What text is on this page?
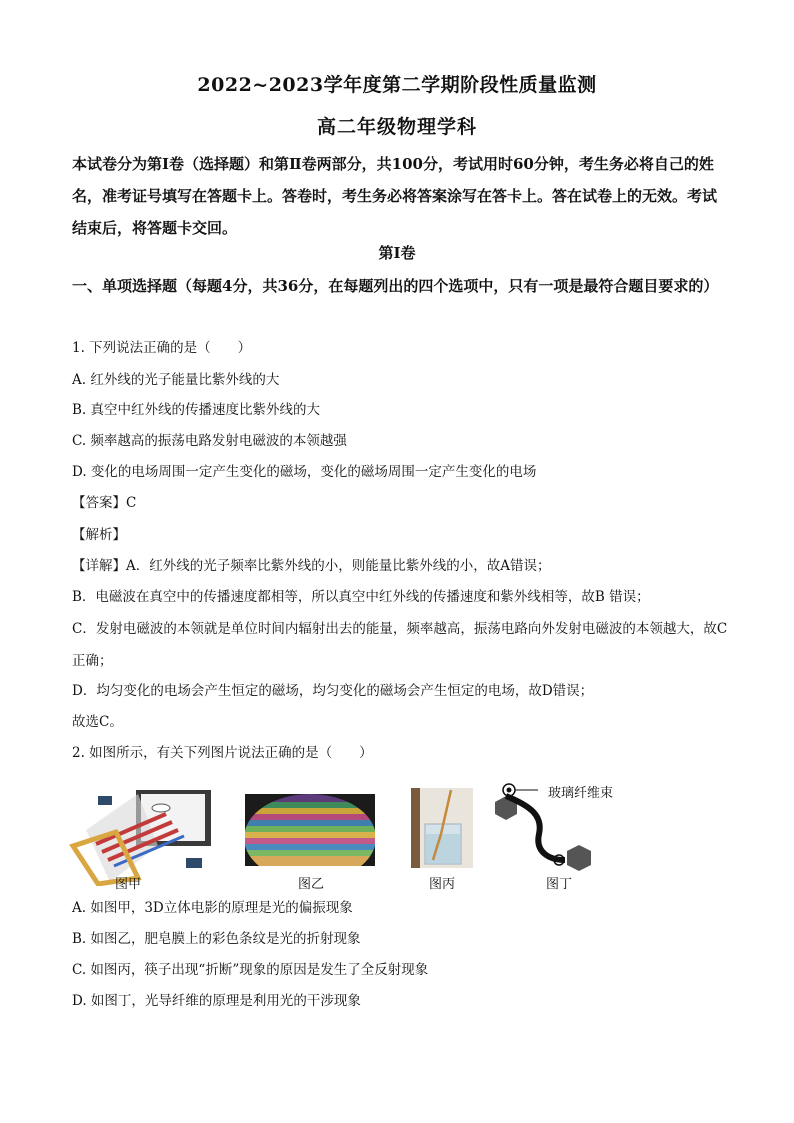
2022~2023学年度第二学期阶段性质量监测
高二年级物理学科
本试卷分为第Ⅰ卷（选择题）和第Ⅱ卷两部分，共100分，考试用时60分钟，考生务必将自己的姓名，准考证号填写在答题卡上。答卷时，考生务必将答案涂写在答卡上。答在试卷上的无效。考试结束后，将答题卡交回。
第Ⅰ卷
一、单项选择题（每题4分，共36分，在每题列出的四个选项中，只有一项是最符合题目要求的）
1. 下列说法正确的是（　　）
A. 红外线的光子能量比紫外线的大
B. 真空中红外线的传播速度比紫外线的大
C. 频率越高的振荡电路发射电磁波的本领越强
D. 变化的电场周围一定产生变化的磁场，变化的磁场周围一定产生变化的电场
【答案】C
【解析】
【详解】A．红外线的光子频率比紫外线的小，则能量比紫外线的小，故A错误；
B．电磁波在真空中的传播速度都相等，所以真空中红外线的传播速度和紫外线相等，故B 错误；
C．发射电磁波的本领就是单位时间内辐射出去的能量，频率越高，振荡电路向外发射电磁波的本领越大，故C正确；
D．均匀变化的电场会产生恒定的磁场，均匀变化的磁场会产生恒定的电场，故D错误；
故选C。
2. 如图所示，有关下列图片说法正确的是（　　）
玻璃纤维束
图甲	图乙	图丙	图丁
A. 如图甲，3D立体电影的原理是光的偏振现象
B. 如图乙，肥皂膜上的彩色条纹是光的折射现象
C. 如图丙，筷子出现“折断”现象的原因是发生了全反射现象
D. 如图丁，光导纤维的原理是利用光的干涉现象
